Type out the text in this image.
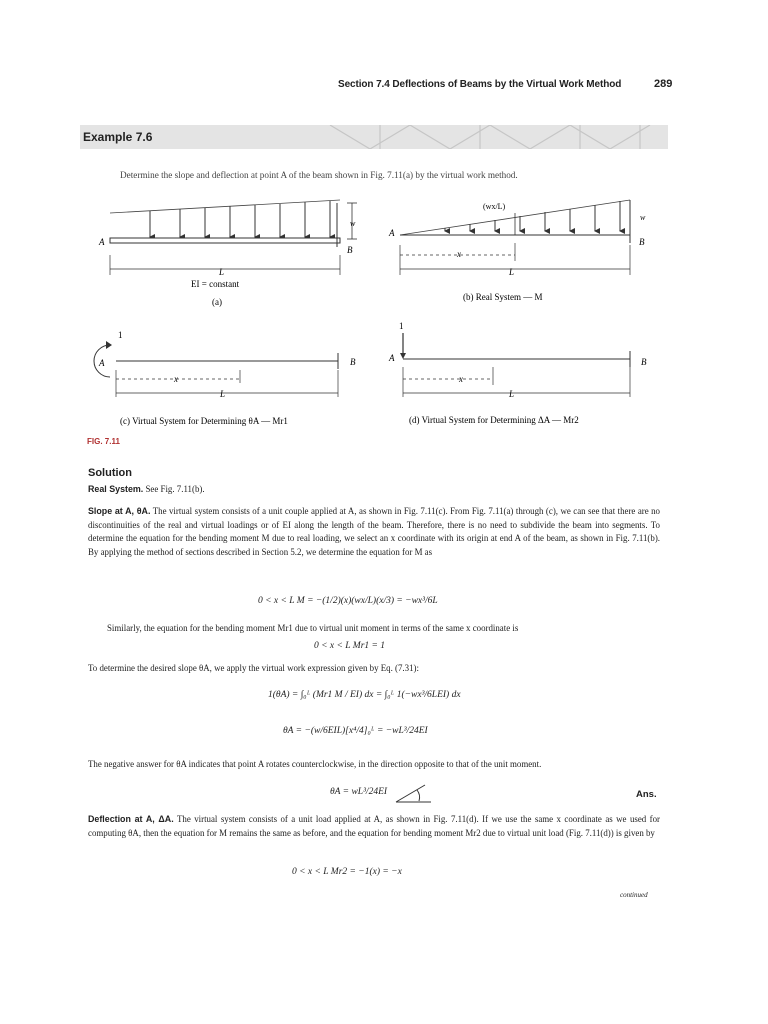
Section 7.4 Deflections of Beams by the Virtual Work Method	289
Example 7.6
Determine the slope and deflection at point A of the beam shown in Fig. 7.11(a) by the virtual work method.
w
A
B
L
EI = constant
(a)
(wx/L)
w
A
B
x
L
(b) Real System — M
1
A	B
x
L
(c) Virtual System for Determining θA — Mr1
1
A	B
x
L
(d) Virtual System for Determining ΔA — Mr2
FIG. 7.11
Solution
Real System. See Fig. 7.11(b).
Slope at A, θA. The virtual system consists of a unit couple applied at A, as shown in Fig. 7.11(c). From Fig. 7.11(a) through (c), we can see that there are no discontinuities of the real and virtual loadings or of EI along the length of the beam. Therefore, there is no need to subdivide the beam into segments. To determine the equation for the bending moment M due to real loading, we select an x coordinate with its origin at end A of the beam, as shown in Fig. 7.11(b). By applying the method of sections described in Section 5.2, we determine the equation for M as
0 < x < L M = −(1/2)(x)(wx/L)(x/3) = −wx³/6L
Similarly, the equation for the bending moment Mr1 due to virtual unit moment in terms of the same x coordinate is
0 < x < L Mr1 = 1
To determine the desired slope θA, we apply the virtual work expression given by Eq. (7.31):
1(θA) = ∫₀ᴸ (Mr1 M / EI) dx = ∫₀ᴸ 1(−wx³/6LEI) dx
θA = −(w/6EIL)[x⁴/4]₀ᴸ = −wL³/24EI
The negative answer for θA indicates that point A rotates counterclockwise, in the direction opposite to that of the unit moment.
θA = wL³/24EI	Ans.
Deflection at A, ΔA. The virtual system consists of a unit load applied at A, as shown in Fig. 7.11(d). If we use the same x coordinate as we used for computing θA, then the equation for M remains the same as before, and the equation for bending moment Mr2 due to virtual unit load (Fig. 7.11(d)) is given by
0 < x < L Mr2 = −1(x) = −x
continued
